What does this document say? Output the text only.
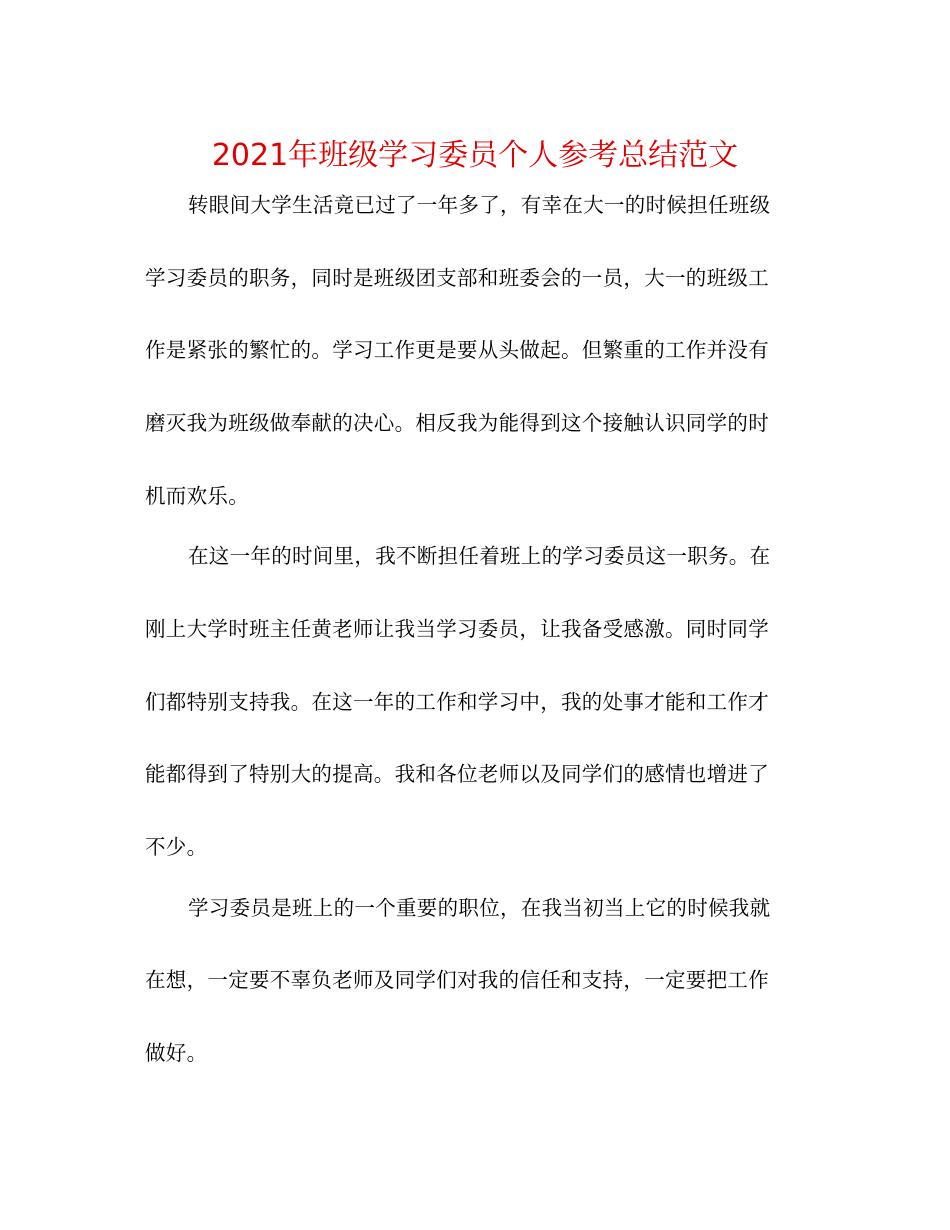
2021年班级学习委员个人参考总结范文
转眼间大学生活竟已过了一年多了，有幸在大一的时候担任班级
学习委员的职务，同时是班级团支部和班委会的一员，大一的班级工
作是紧张的繁忙的。学习工作更是要从头做起。但繁重的工作并没有
磨灭我为班级做奉献的决心。相反我为能得到这个接触认识同学的时
机而欢乐。
在这一年的时间里，我不断担任着班上的学习委员这一职务。在
刚上大学时班主任黄老师让我当学习委员，让我备受感激。同时同学
们都特别支持我。在这一年的工作和学习中，我的处事才能和工作才
能都得到了特别大的提高。我和各位老师以及同学们的感情也增进了
不少。
学习委员是班上的一个重要的职位，在我当初当上它的时候我就
在想，一定要不辜负老师及同学们对我的信任和支持，一定要把工作
做好。
